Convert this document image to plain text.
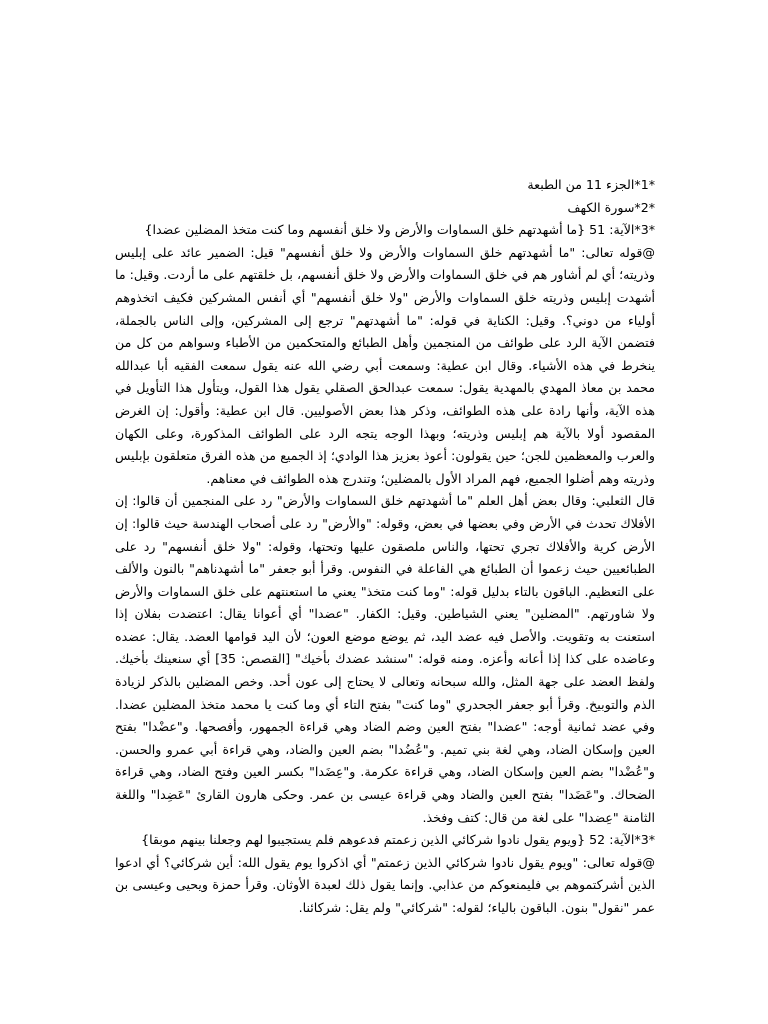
*1*الجزء 11 من الطبعة

*2*سورة الكهف

*3*الآية: 51 {ما أشهدتهم خلق السماوات والأرض ولا خلق أنفسهم وما كنت متخذ المضلين عضدا}

@قوله تعالى: "ما أشهدتهم خلق السماوات والأرض ولا خلق أنفسهم" قيل: الضمير عائد على إبليس وذريته؛ أي لم أشاور هم في خلق السماوات والأرض ولا خلق أنفسهم، بل خلقتهم على ما أردت. وقيل: ما أشهدت إبليس وذريته خلق السماوات والأرض "ولا خلق أنفسهم" أي أنفس المشركين فكيف اتخذوهم أولياء من دوني؟. وقيل: الكناية في قوله: "ما أشهدتهم" ترجع إلى المشركين، وإلى الناس بالجملة، فتضمن الآية الرد على طوائف من المنجمين وأهل الطبائع والمتحكمين من الأطباء وسواهم من كل من ينخرط في هذه الأشياء. وقال ابن عطية: وسمعت أبي رضي الله عنه يقول سمعت الفقيه أبا عبدالله محمد بن معاذ المهدي بالمهدية يقول: سمعت عبدالحق الصقلي يقول هذا القول، ويتأول هذا التأويل في هذه الآية، وأنها رادة على هذه الطوائف، وذكر هذا بعض الأصوليين. قال ابن عطية: وأقول: إن الغرض المقصود أولا بالآية هم إبليس وذريته؛ وبهذا الوجه يتجه الرد على الطوائف المذكورة، وعلى الكهان والعرب والمعظمين للجن؛ حين يقولون: أعوذ بعزيز هذا الوادي؛ إذ الجميع من هذه الفرق متعلقون بإبليس وذريته وهم أضلوا الجميع، فهم المراد الأول بالمضلين؛ وتندرج هذه الطوائف في معناهم.

قال الثعلبي: وقال بعض أهل العلم "ما أشهدتهم خلق السماوات والأرض" رد على المنجمين أن قالوا: إن الأفلاك تحدث في الأرض وفي بعضها في بعض، وقوله: "والأرض" رد على أصحاب الهندسة حيث قالوا: إن الأرض كرية والأفلاك تجري تحتها، والناس ملصقون عليها وتحتها، وقوله: "ولا خلق أنفسهم" رد على الطبائعيين حيث زعموا أن الطبائع هي الفاعلة في النفوس. وقرأ أبو جعفر "ما أشهدناهم" بالنون والألف على التعظيم. الباقون بالتاء بدليل قوله: "وما كنت متخذ" يعني ما استعنتهم على خلق السماوات والأرض ولا شاورتهم. "المضلين" يعني الشياطين. وقيل: الكفار. "عضدا" أي أعوانا يقال: اعتضدت بفلان إذا استعنت به وتقويت. والأصل فيه عضد اليد، ثم يوضع موضع العون؛ لأن اليد قوامها العضد. يقال: عضده وعاضده على كذا إذا أعانه وأعزه. ومنه قوله: "سنشد عضدك بأخيك" [القصص: 35] أي سنعينك بأخيك. ولفظ العضد على جهة المثل، والله سبحانه وتعالى لا يحتاج إلى عون أحد. وخص المضلين بالذكر لزيادة الذم والتوبيخ. وقرأ أبو جعفر الجحدري "وما كنت" بفتح التاء أي وما كنت يا محمد متخذ المضلين عضدا. وفي عضد ثمانية أوجه: "عضدا" بفتح العين وضم الضاد وهي قراءة الجمهور، وأفصحها. و"عضْدا" بفتح العين وإسكان الضاد، وهي لغة بني تميم. و"عُضُدا" بضم العين والضاد، وهي قراءة أبي عمرو والحسن. و"عُضْدا" بضم العين وإسكان الضاد، وهي قراءة عكرمة. و"عِضَدا" بكسر العين وفتح الضاد، وهي قراءة الضحاك. و"عَضَدا" بفتح العين والضاد وهي قراءة عيسى بن عمر. وحكى هارون القارئ "عَضِدا" واللغة الثامنة "عِضدا" على لغة من قال: كتف وفخذ.

*3*الآية: 52 {ويوم يقول نادوا شركائي الذين زعمتم فدعوهم فلم يستجيبوا لهم وجعلنا بينهم موبقا}

@قوله تعالى: "ويوم يقول نادوا شركائي الذين زعمتم" أي اذكروا يوم يقول الله: أين شركائي؟ أي ادعوا الذين أشركتموهم بي فليمنعوكم من عذابي. وإنما يقول ذلك لعبدة الأوثان. وقرأ حمزة ويحيى وعيسى بن عمر "نقول" بنون. الباقون بالياء؛ لقوله: "شركائي" ولم يقل: شركائنا.
